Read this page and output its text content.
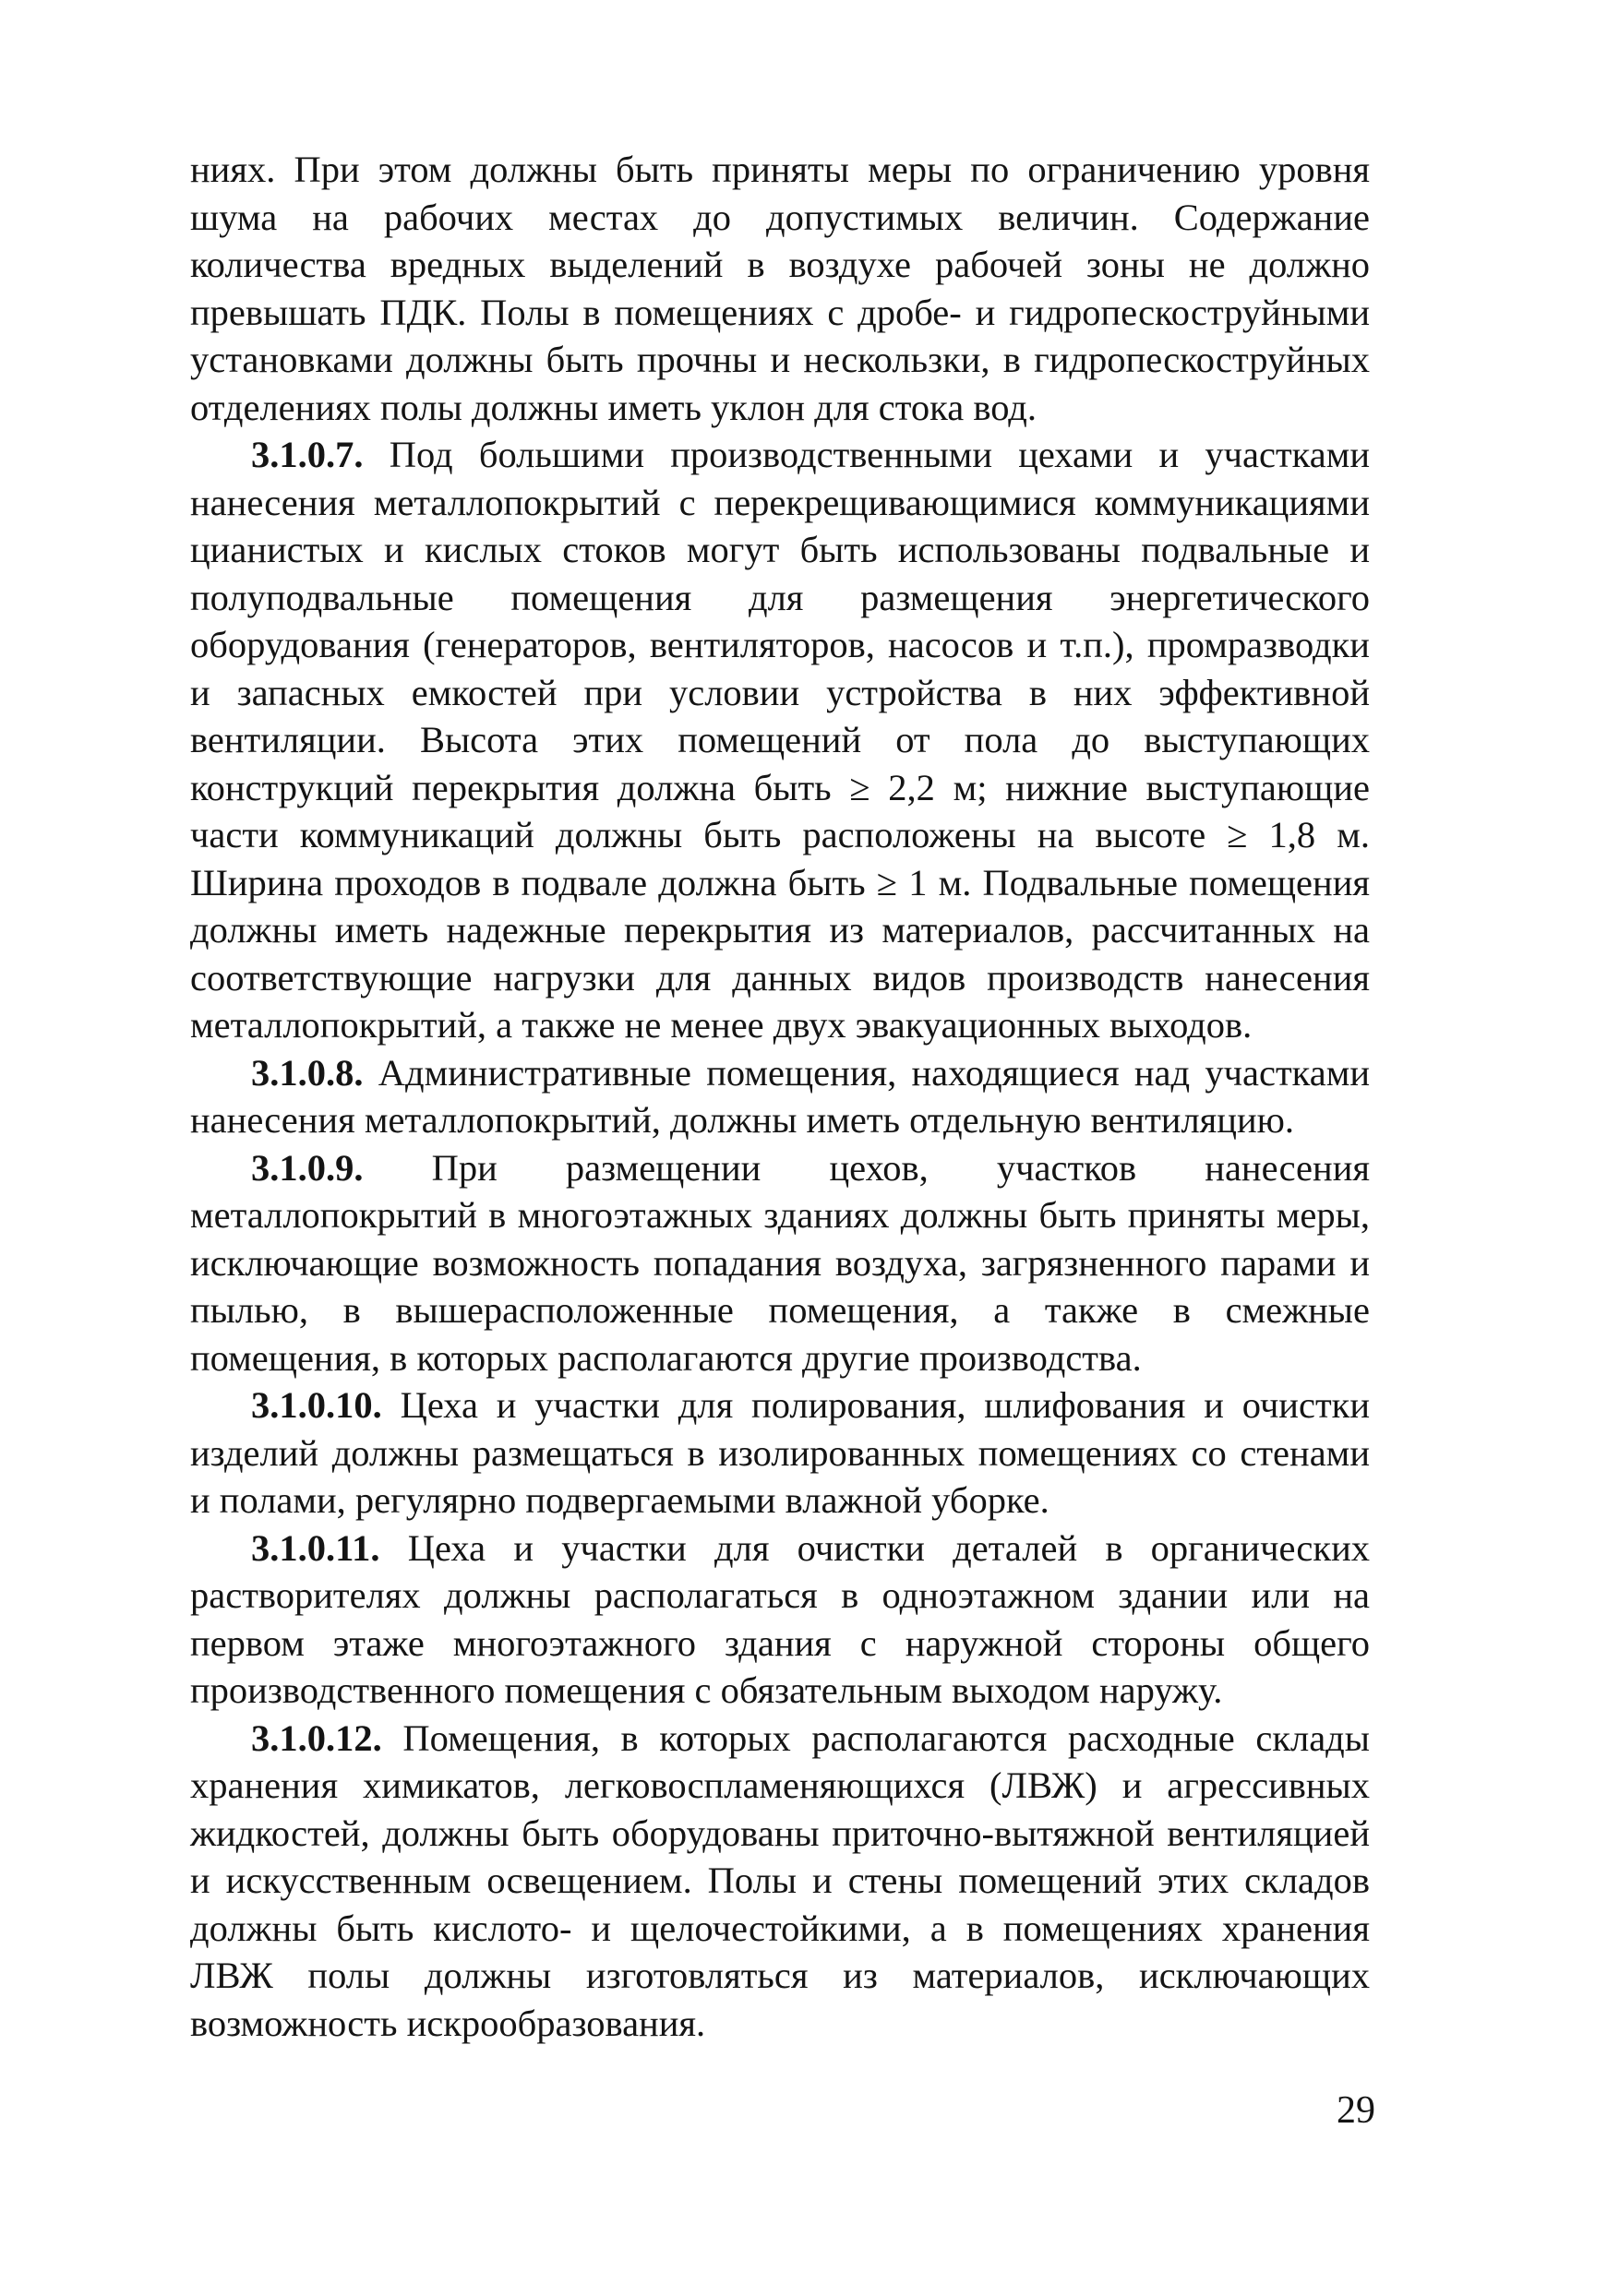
ниях. При этом должны быть приняты меры по ограничению уровня шума на рабочих местах до допустимых величин. Содержание количества вредных выделений в воздухе рабочей зоны не должно превышать ПДК. Полы в помещениях с дробе- и гидропескоструйными установками должны быть прочны и нескользки, в гидропескоструйных отделениях полы должны иметь уклон для стока вод.

3.1.0.7. Под большими производственными цехами и участками нанесения металлопокрытий с перекрещивающимися коммуникациями цианистых и кислых стоков могут быть использованы подвальные и полуподвальные помещения для размещения энергетического оборудования (генераторов, вентиляторов, насосов и т.п.), промразводки и запасных емкостей при условии устройства в них эффективной вентиляции. Высота этих помещений от пола до выступающих конструкций перекрытия должна быть ≥ 2,2 м; нижние выступающие части коммуникаций должны быть расположены на высоте ≥ 1,8 м. Ширина проходов в подвале должна быть ≥ 1 м. Подвальные помещения должны иметь надежные перекрытия из материалов, рассчитанных на соответствующие нагрузки для данных видов производств нанесения металлопокрытий, а также не менее двух эвакуационных выходов.

3.1.0.8. Административные помещения, находящиеся над участками нанесения металлопокрытий, должны иметь отдельную вентиляцию.

3.1.0.9. При размещении цехов, участков нанесения металлопокрытий в многоэтажных зданиях должны быть приняты меры, исключающие возможность попадания воздуха, загрязненного парами и пылью, в вышерасположенные помещения, а также в смежные помещения, в которых располагаются другие производства.

3.1.0.10. Цеха и участки для полирования, шлифования и очистки изделий должны размещаться в изолированных помещениях со стенами и полами, регулярно подвергаемыми влажной уборке.

3.1.0.11. Цеха и участки для очистки деталей в органических растворителях должны располагаться в одноэтажном здании или на первом этаже многоэтажного здания с наружной стороны общего производственного помещения с обязательным выходом наружу.

3.1.0.12. Помещения, в которых располагаются расходные склады хранения химикатов, легковоспламеняющихся (ЛВЖ) и агрессивных жидкостей, должны быть оборудованы приточно-вытяжной вентиляцией и искусственным освещением. Полы и стены помещений этих складов должны быть кислото- и щелочестойкими, а в помещениях хранения ЛВЖ полы должны изготовляться из материалов, исключающих возможность искрообразования.

29
